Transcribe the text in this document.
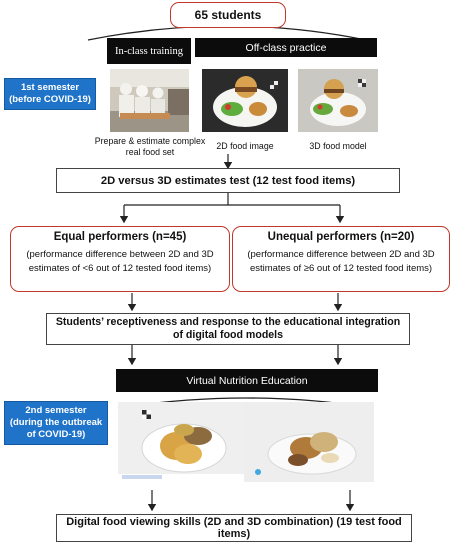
65 students
In-class training	Off-class practice
1st semester (before COVID-19)
Prepare & estimate complex real food set
2D food image	3D food model
2D versus 3D estimates test (12 test food items)
Equal performers (n=45)
(performance difference between 2D and 3D estimates of <6 out of 12 tested food items)
Unequal performers (n=20)
(performance difference between 2D and 3D estimates of ≥6 out of 12 tested food items)
Students’ receptiveness and response to the educational integration of digital food models
Virtual Nutrition Education
2nd semester (during the outbreak of COVID-19)
Digital food viewing skills (2D and 3D combination) (19 test food items)
